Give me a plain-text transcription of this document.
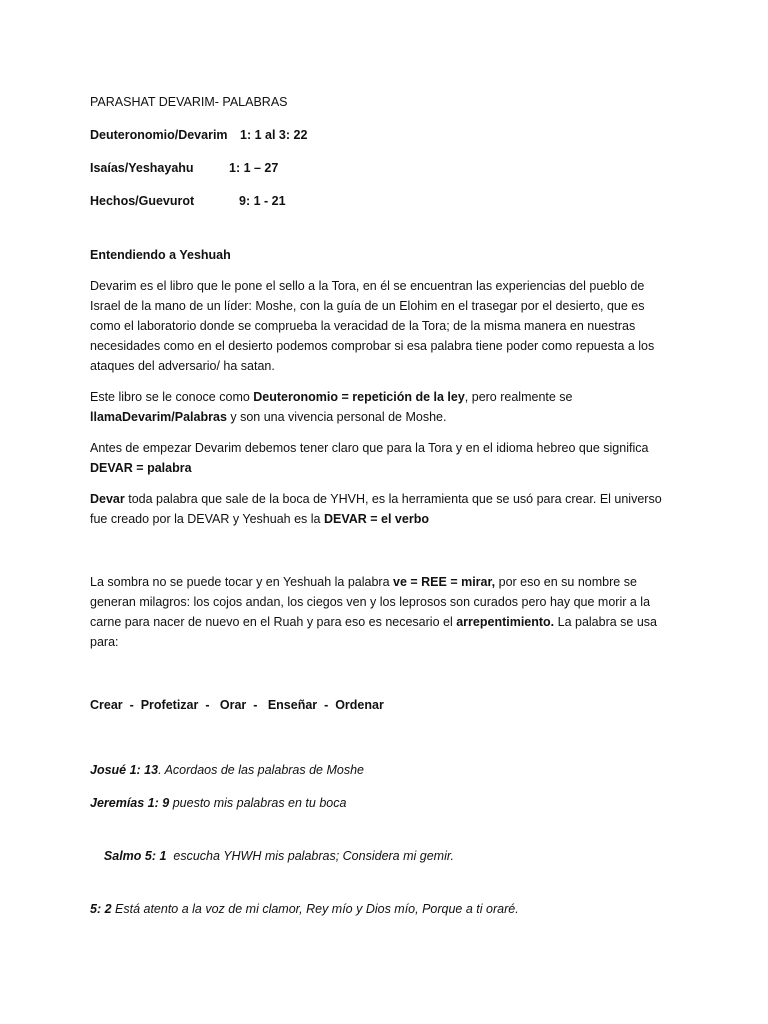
PARASHAT DEVARIM- PALABRAS

Deuteronomio/Devarim 1: 1 al 3: 22
Isaías/Yeshayahu	1: 1 – 27
Hechos/Guevurot	9: 1 - 21

Entendiendo a Yeshuah

Devarim es el libro que le pone el sello a la Tora, en él se encuentran las experiencias del pueblo de Israel de la mano de un líder: Moshe, con la guía de un Elohim en el trasegar por el desierto, que es como el laboratorio donde se comprueba la veracidad de la Tora; de la misma manera en nuestras necesidades como en el desierto podemos comprobar si esa palabra tiene poder como repuesta a los ataques del adversario/ ha satan.

Este libro se le conoce como Deuteronomio = repetición de la ley, pero realmente se llamaDevarim/Palabras y son una vivencia personal de Moshe.

Antes de empezar Devarim debemos tener claro que para la Tora y en el idioma hebreo que significa
DEVAR = palabra

Devar toda palabra que sale de la boca de YHVH, es la herramienta que se usó para crear. El universo fue creado por la DEVAR y Yeshuah es la DEVAR = el verbo

La sombra no se puede tocar y en Yeshuah la palabra ve = REE = mirar, por eso en su nombre se generan milagros: los cojos andan, los ciegos ven y los leprosos son curados pero hay que morir a la carne para nacer de nuevo en el Ruah y para eso es necesario el arrepentimiento. La palabra se usa para:

Crear  -  Profetizar  -   Orar  -   Enseñar  -  Ordenar

Josué 1: 13. Acordaos de las palabras de Moshe

Jeremías 1: 9 puesto mis palabras en tu boca

Salmo 5: 1  escucha YHWH mis palabras; Considera mi gemir.

5: 2 Está atento a la voz de mi clamor, Rey mío y Dios mío, Porque a ti oraré.
